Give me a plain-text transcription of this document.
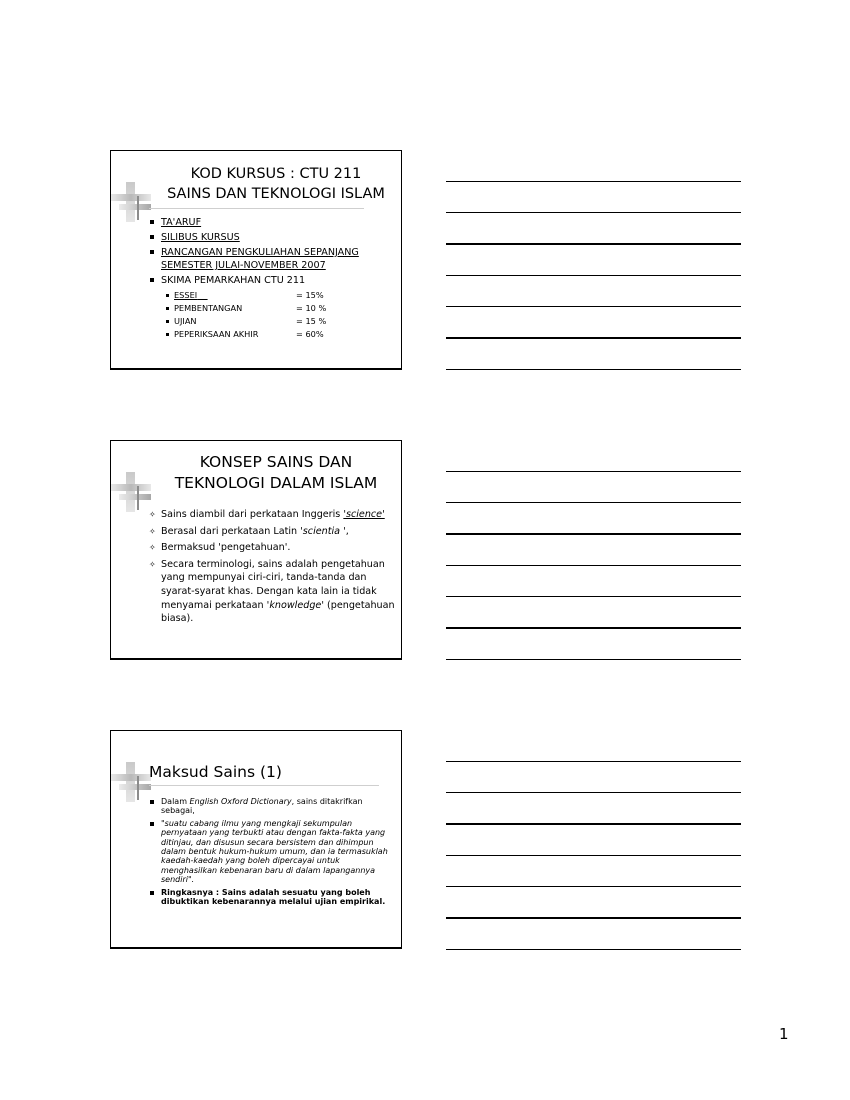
KOD KURSUS : CTU 211
SAINS DAN TEKNOLOGI ISLAM
TA'ARUF
SILIBUS KURSUS
RANCANGAN PENGKULIAHAN SEPANJANG SEMESTER JULAI-NOVEMBER 2007
SKIMA PEMARKAHAN CTU 211
ESSEI	= 15%
PEMBENTANGAN	= 10 %
UJIAN	= 15 %
PEPERIKSAAN AKHIR	= 60%
KONSEP SAINS DAN
TEKNOLOGI DALAM ISLAM
✧ Sains diambil dari perkataan Inggeris 'science'
✧ Berasal dari perkataan Latin 'scientia ',
✧ Bermaksud 'pengetahuan'.
✧ Secara terminologi, sains adalah pengetahuan yang mempunyai ciri-ciri, tanda-tanda dan syarat-syarat khas. Dengan kata lain ia tidak menyamai perkataan 'knowledge' (pengetahuan biasa).
Maksud Sains (1)
Dalam English Oxford Dictionary, sains ditakrifkan sebagai,
"suatu cabang ilmu yang mengkaji sekumpulan pernyataan yang terbukti atau dengan fakta-fakta yang ditinjau, dan disusun secara bersistem dan dihimpun dalam bentuk hukum-hukum umum, dan ia termasuklah kaedah-kaedah yang boleh dipercayai untuk menghasilkan kebenaran baru di dalam lapangannya sendiri".
Ringkasnya : Sains adalah sesuatu yang boleh dibuktikan kebenarannya melalui ujian empirikal.
1
